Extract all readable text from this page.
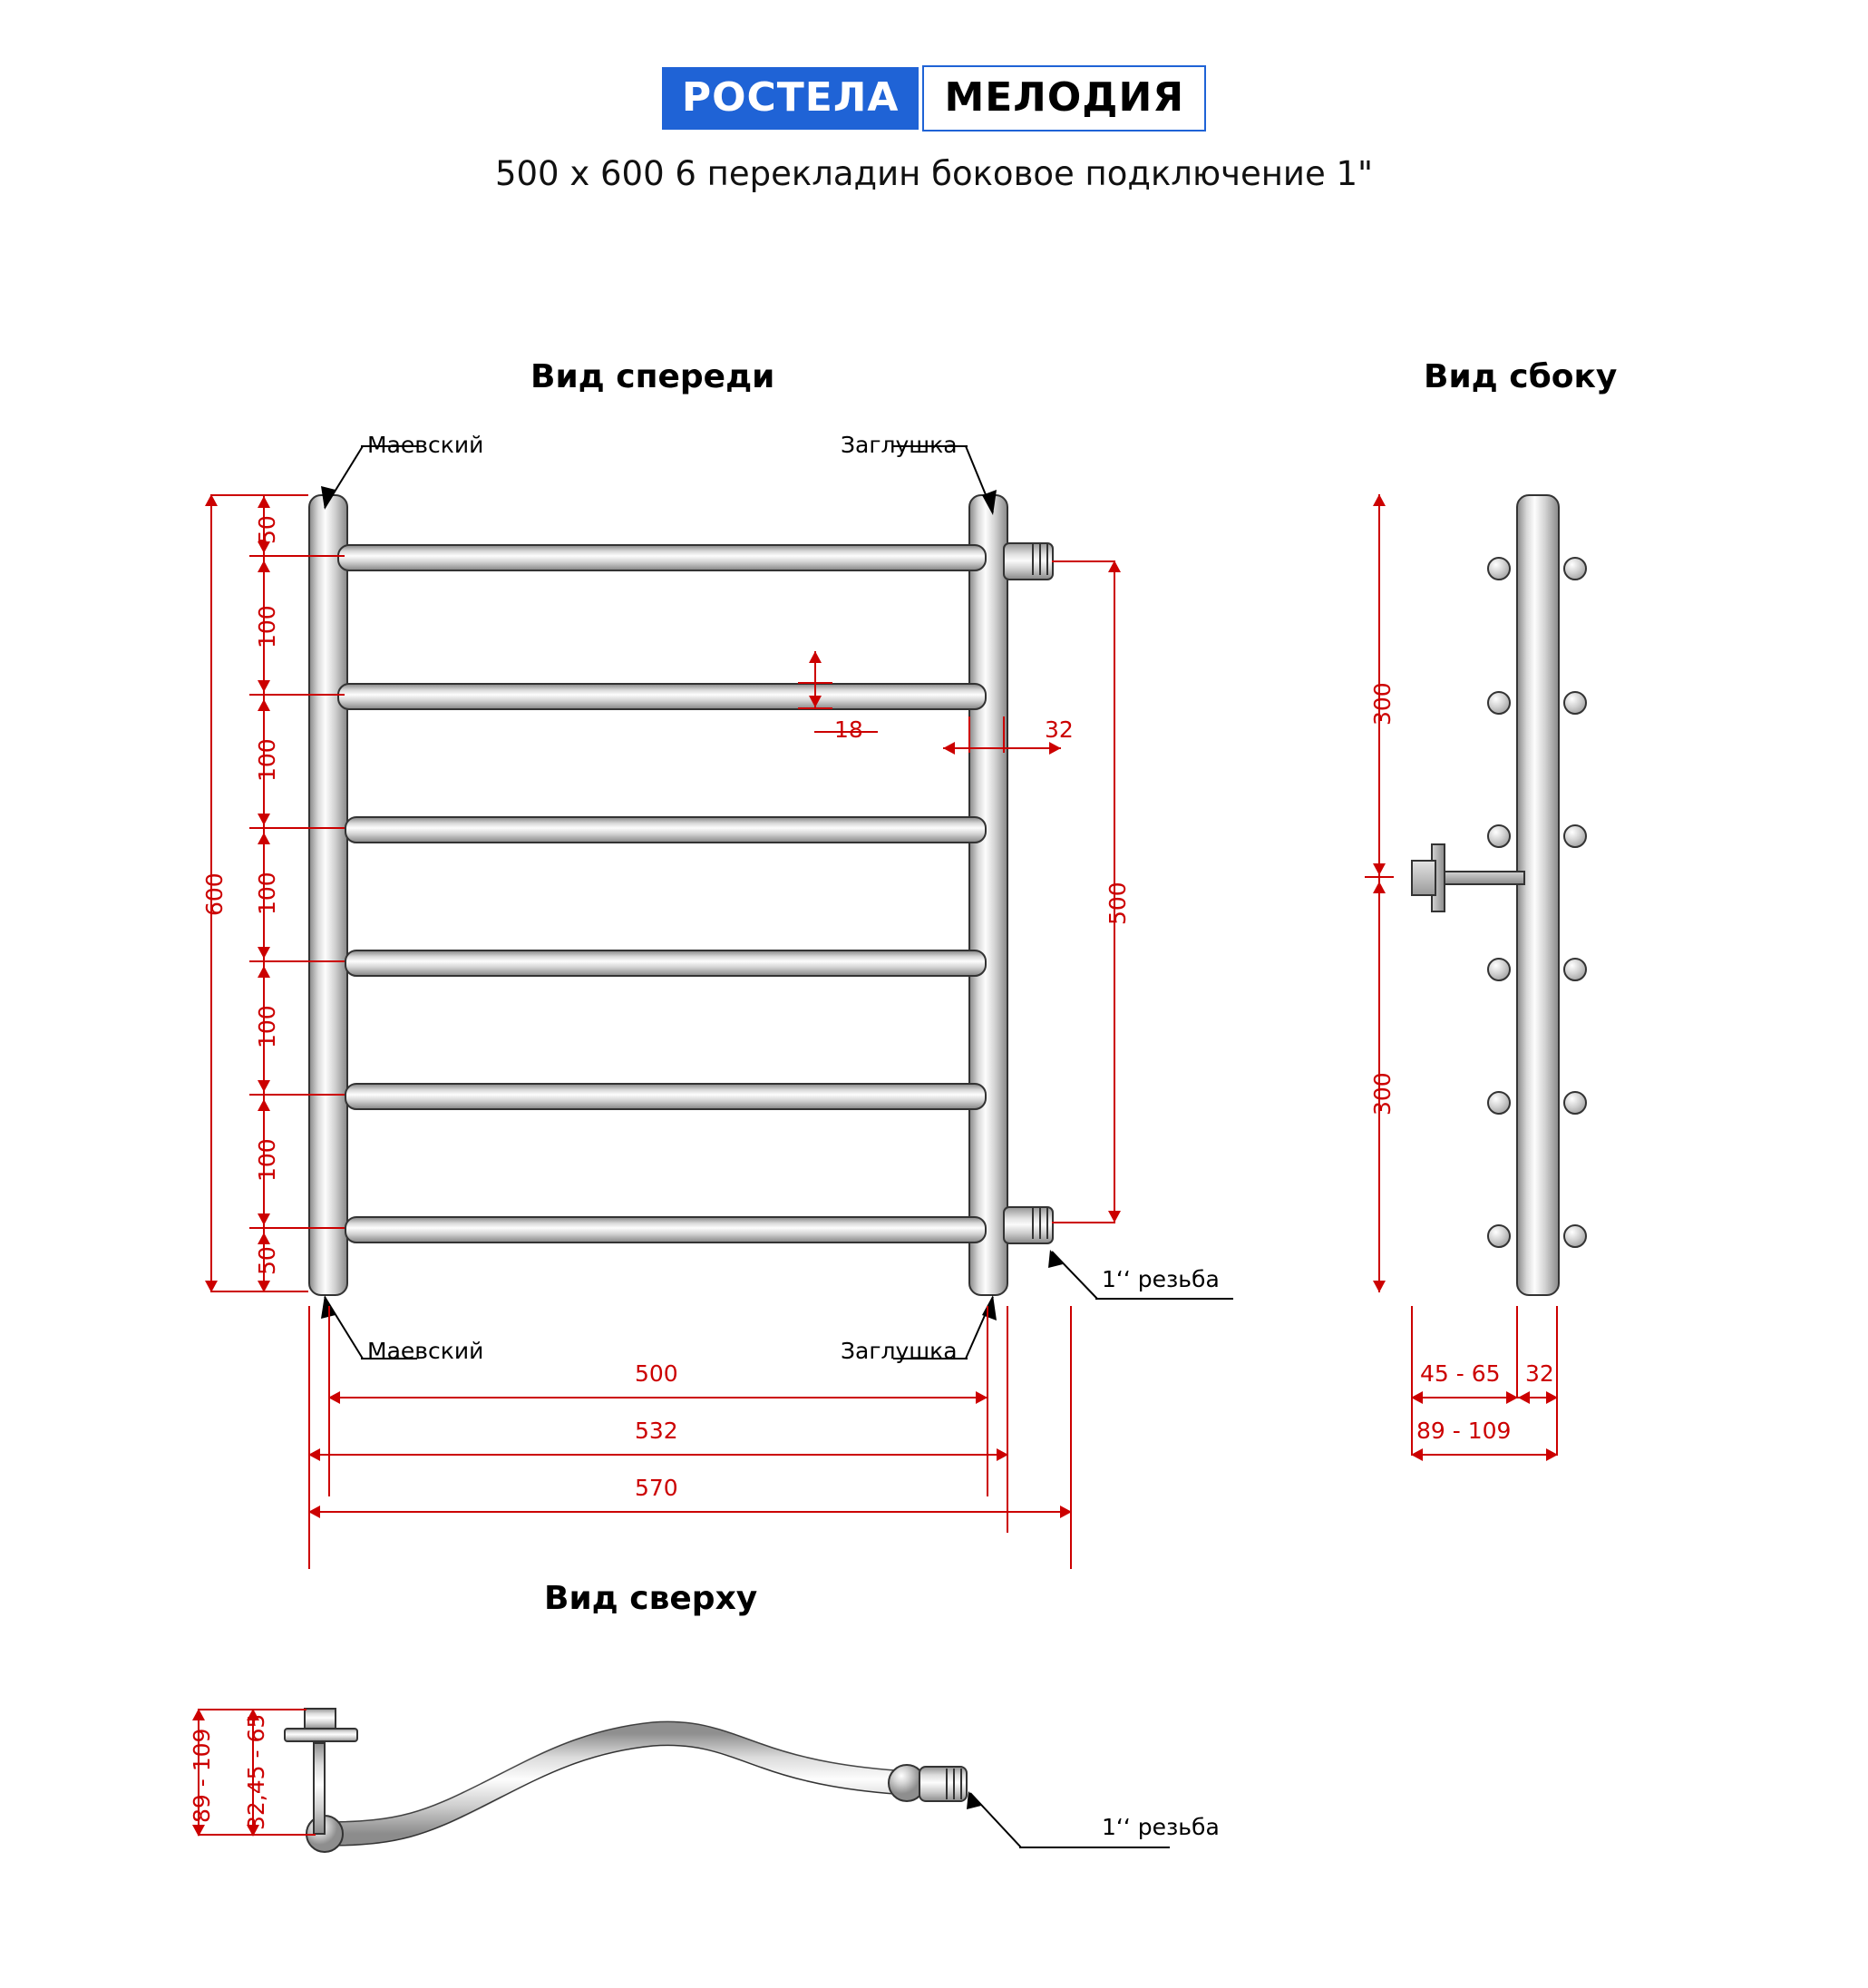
РОСТЕЛА МЕЛОДИЯ
500 x 600 6 перекладин боковое подключение 1"
Вид спереди	Вид сбоку
Вид сверху
Маевский	Заглушка
Маевский	Заглушка
1‘‘ резьба
600
50
100
100
100
100
100
50
18	32
500
500
532
570
300
300
45 - 65 32
89 - 109
1‘‘ резьба
89 - 109 32,45 - 65
